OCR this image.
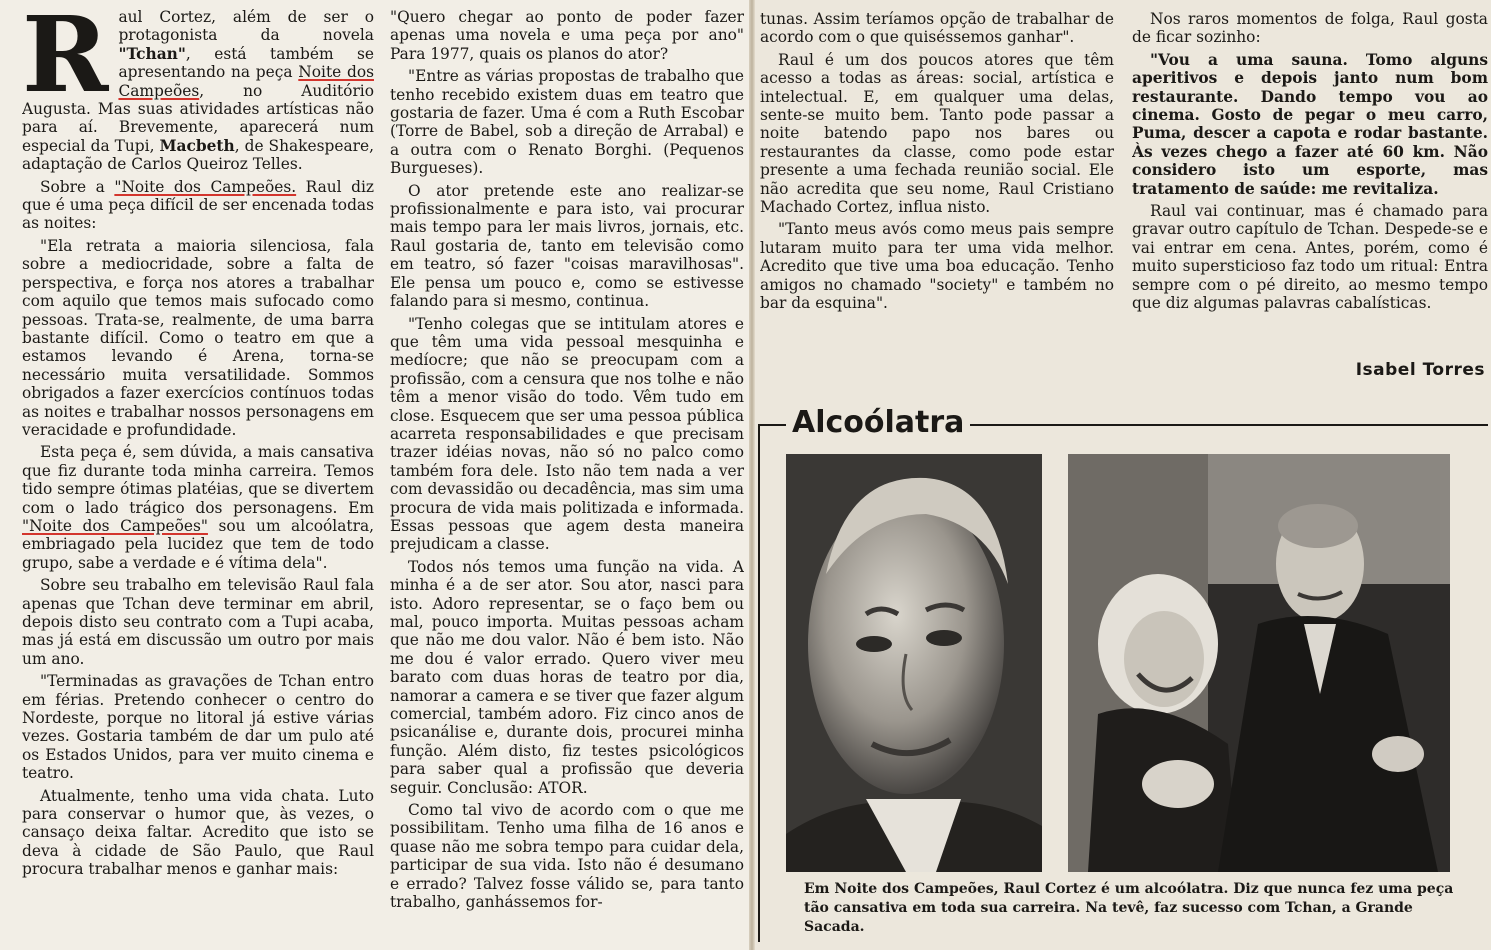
Raul Cortez, além de ser o protagonista da novela "Tchan", está também se apresentando na peça Noite dos Campeões, no Auditório Augusta. Mas suas atividades artísticas não para aí. Brevemente, aparecerá num especial da Tupi, Macbeth, de Shakespeare, adaptação de Carlos Queiroz Telles.

Sobre a "Noite dos Campeões. Raul diz que é uma peça difícil de ser encenada todas as noites:

"Ela retrata a maioria silenciosa, fala sobre a mediocridade, sobre a falta de perspectiva, e força nos atores a trabalhar com aquilo que temos mais sufocado como pessoas. Trata-se, realmente, de uma barra bastante difícil. Como o teatro em que a estamos levando é Arena, torna-se necessário muita versatilidade. Sommos obrigados a fazer exercícios contínuos todas as noites e trabalhar nossos personagens em veracidade e profundidade.

Esta peça é, sem dúvida, a mais cansativa que fiz durante toda minha carreira. Temos tido sempre ótimas platéias, que se divertem com o lado trágico dos personagens. Em "Noite dos Campeões" sou um alcoólatra, embriagado pela lucidez que tem de todo grupo, sabe a verdade e é vítima dela".

Sobre seu trabalho em televisão Raul fala apenas que Tchan deve terminar em abril, depois disto seu contrato com a Tupi acaba, mas já está em discussão um outro por mais um ano.

"Terminadas as gravações de Tchan entro em férias. Pretendo conhecer o centro do Nordeste, porque no litoral já estive várias vezes. Gostaria também de dar um pulo até os Estados Unidos, para ver muito cinema e teatro.

Atualmente, tenho uma vida chata. Luto para conservar o humor que, às vezes, o cansaço deixa faltar. Acredito que isto se deva à cidade de São Paulo, que Raul procura trabalhar menos e ganhar mais:

"Quero chegar ao ponto de poder fazer apenas uma novela e uma peça por ano" Para 1977, quais os planos do ator?

"Entre as várias propostas de trabalho que tenho recebido existem duas em teatro que gostaria de fazer. Uma é com a Ruth Escobar (Torre de Babel, sob a direção de Arrabal) e a outra com o Renato Borghi. (Pequenos Burgueses).

O ator pretende este ano realizar-se profissionalmente e para isto, vai procurar mais tempo para ler mais livros, jornais, etc. Raul gostaria de, tanto em televisão como em teatro, só fazer "coisas maravilhosas". Ele pensa um pouco e, como se estivesse falando para si mesmo, continua.

"Tenho colegas que se intitulam atores e que têm uma vida pessoal mesquinha e medíocre; que não se preocupam com a profissão, com a censura que nos tolhe e não têm a menor visão do todo. Vêm tudo em close. Esquecem que ser uma pessoa pública acarreta responsabilidades e que precisam trazer idéias novas, não só no palco como também fora dele. Isto não tem nada a ver com devassidão ou decadência, mas sim uma procura de vida mais politizada e informada. Essas pessoas que agem desta maneira prejudicam a classe.

Todos nós temos uma função na vida. A minha é a de ser ator. Sou ator, nasci para isto. Adoro representar, se o faço bem ou mal, pouco importa. Muitas pessoas acham que não me dou valor. Não é bem isto. Não me dou é valor errado. Quero viver meu barato com duas horas de teatro por dia, namorar a camera e se tiver que fazer algum comercial, também adoro. Fiz cinco anos de psicanálise e, durante dois, procurei minha função. Além disto, fiz testes psicológicos para saber qual a profissão que deveria seguir. Conclusão: ATOR.

Como tal vivo de acordo com o que me possibilitam. Tenho uma filha de 16 anos e quase não me sobra tempo para cuidar dela, participar de sua vida. Isto não é desumano e errado? Talvez fosse válido se, para tanto trabalho, ganhássemos for-

tunas. Assim teríamos opção de trabalhar de acordo com o que quiséssemos ganhar".

Raul é um dos poucos atores que têm acesso a todas as áreas: social, artística e intelectual. E, em qualquer uma delas, sente-se muito bem. Tanto pode passar a noite batendo papo nos bares ou restaurantes da classe, como pode estar presente a uma fechada reunião social. Ele não acredita que seu nome, Raul Cristiano Machado Cortez, influa nisto.

"Tanto meus avós como meus pais sempre lutaram muito para ter uma vida melhor. Acredito que tive uma boa educação. Tenho amigos no chamado "society" e também no bar da esquina".

Nos raros momentos de folga, Raul gosta de ficar sozinho:

"Vou a uma sauna. Tomo alguns aperitivos e depois janto num bom restaurante. Dando tempo vou ao cinema. Gosto de pegar o meu carro, Puma, descer a capota e rodar bastante. Às vezes chego a fazer até 60 km. Não considero isto um esporte, mas tratamento de saúde: me revitaliza.

Raul vai continuar, mas é chamado para gravar outro capítulo de Tchan. Despede-se e vai entrar em cena. Antes, porém, como é muito supersticioso faz todo um ritual: Entra sempre com o pé direito, ao mesmo tempo que diz algumas palavras cabalísticas.

Isabel Torres
Alcoólatra
Em Noite dos Campeões, Raul Cortez é um alcoólatra. Diz que nunca fez uma peça tão cansativa em toda sua carreira. Na tevê, faz sucesso com Tchan, a Grande Sacada.
